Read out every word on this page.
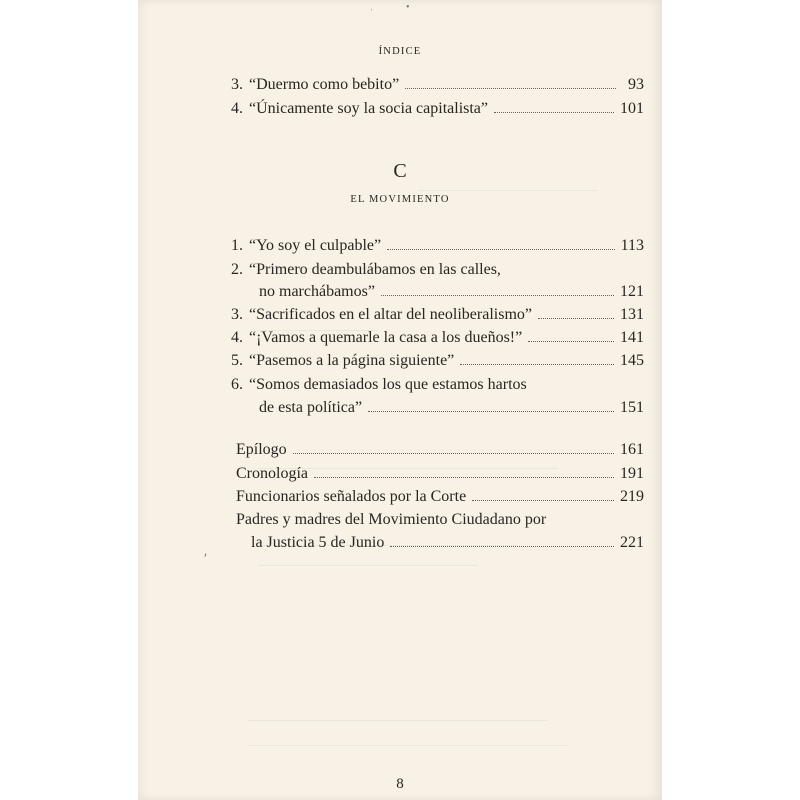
ˈ
•
ÍNDICE
3. “Duermo como bebito”	93
4. “Únicamente soy la socia capitalista”	101
C
EL MOVIMIENTO
1. “Yo soy el culpable”	113
2. “Primero deambulábamos en las calles,
no marchábamos”	121
3. “Sacrificados en el altar del neoliberalismo”	131
4. “¡Vamos a quemarle la casa a los dueños!”	141
5. “Pasemos a la página siguiente”	145
6. “Somos demasiados los que estamos hartos
de esta política”	151
Epílogo	161
Cronología	191
Funcionarios señalados por la Corte	219
Padres y madres del Movimiento Ciudadano por
la Justicia 5 de Junio	221
ʹ
8
